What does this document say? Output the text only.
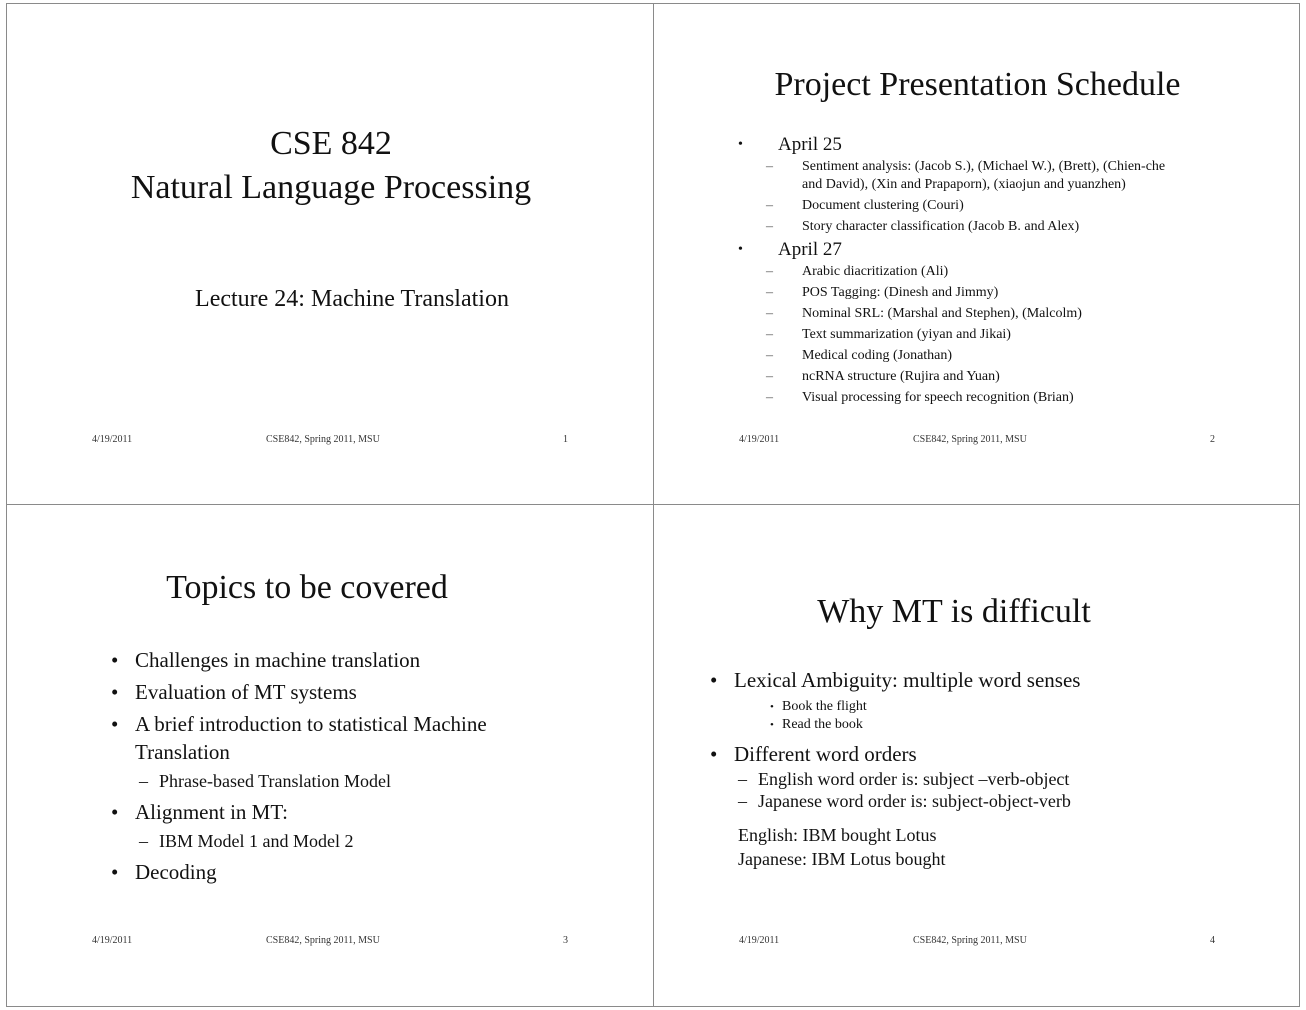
CSE 842
Natural Language Processing
Lecture 24: Machine Translation
4/19/2011	CSE842, Spring 2011, MSU	1
Project Presentation Schedule
• April 25
– Sentiment analysis: (Jacob S.), (Michael W.), (Brett), (Chien-che
and David), (Xin and Prapaporn), (xiaojun and yuanzhen)
– Document clustering (Couri)
– Story character classification (Jacob B. and Alex)
• April 27
– Arabic diacritization (Ali)
– POS Tagging: (Dinesh and Jimmy)
– Nominal SRL: (Marshal and Stephen), (Malcolm)
– Text summarization (yiyan and Jikai)
– Medical coding (Jonathan)
– ncRNA structure (Rujira and Yuan)
– Visual processing for speech recognition (Brian)
4/19/2011	CSE842, Spring 2011, MSU	2
Topics to be covered
• Challenges in machine translation
• Evaluation of MT systems
• A brief introduction to statistical Machine
Translation
– Phrase-based Translation Model
• Alignment in MT:
– IBM Model 1 and Model 2
• Decoding
4/19/2011	CSE842, Spring 2011, MSU	3
Why MT is difficult
• Lexical Ambiguity: multiple word senses
• Book the flight
• Read the book
• Different word orders
– English word order is: subject –verb-object
– Japanese word order is: subject-object-verb
English: IBM bought Lotus
Japanese: IBM Lotus bought
4/19/2011	CSE842, Spring 2011, MSU	4
